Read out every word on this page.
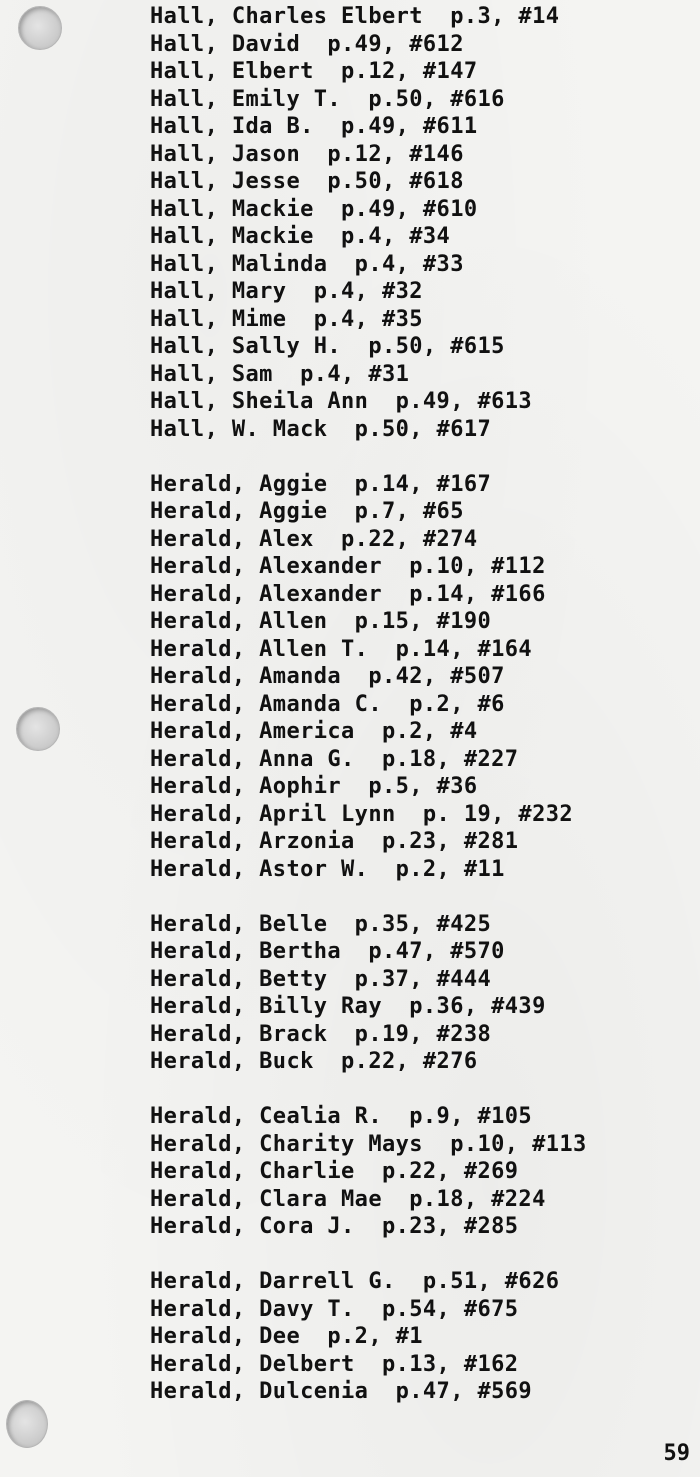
Hall, Charles Elbert  p.3, #14
Hall, David  p.49, #612
Hall, Elbert  p.12, #147
Hall, Emily T.  p.50, #616
Hall, Ida B.  p.49, #611
Hall, Jason  p.12, #146
Hall, Jesse  p.50, #618
Hall, Mackie  p.49, #610
Hall, Mackie  p.4, #34
Hall, Malinda  p.4, #33
Hall, Mary  p.4, #32
Hall, Mime  p.4, #35
Hall, Sally H.  p.50, #615
Hall, Sam  p.4, #31
Hall, Sheila Ann  p.49, #613
Hall, W. Mack  p.50, #617
Herald, Aggie  p.14, #167
Herald, Aggie  p.7, #65
Herald, Alex  p.22, #274
Herald, Alexander  p.10, #112
Herald, Alexander  p.14, #166
Herald, Allen  p.15, #190
Herald, Allen T.  p.14, #164
Herald, Amanda  p.42, #507
Herald, Amanda C.  p.2, #6
Herald, America  p.2, #4
Herald, Anna G.  p.18, #227
Herald, Aophir  p.5, #36
Herald, April Lynn  p. 19, #232
Herald, Arzonia  p.23, #281
Herald, Astor W.  p.2, #11
Herald, Belle  p.35, #425
Herald, Bertha  p.47, #570
Herald, Betty  p.37, #444
Herald, Billy Ray  p.36, #439
Herald, Brack  p.19, #238
Herald, Buck  p.22, #276
Herald, Cealia R.  p.9, #105
Herald, Charity Mays  p.10, #113
Herald, Charlie  p.22, #269
Herald, Clara Mae  p.18, #224
Herald, Cora J.  p.23, #285
Herald, Darrell G.  p.51, #626
Herald, Davy T.  p.54, #675
Herald, Dee  p.2, #1
Herald, Delbert  p.13, #162
Herald, Dulcenia  p.47, #569
59
